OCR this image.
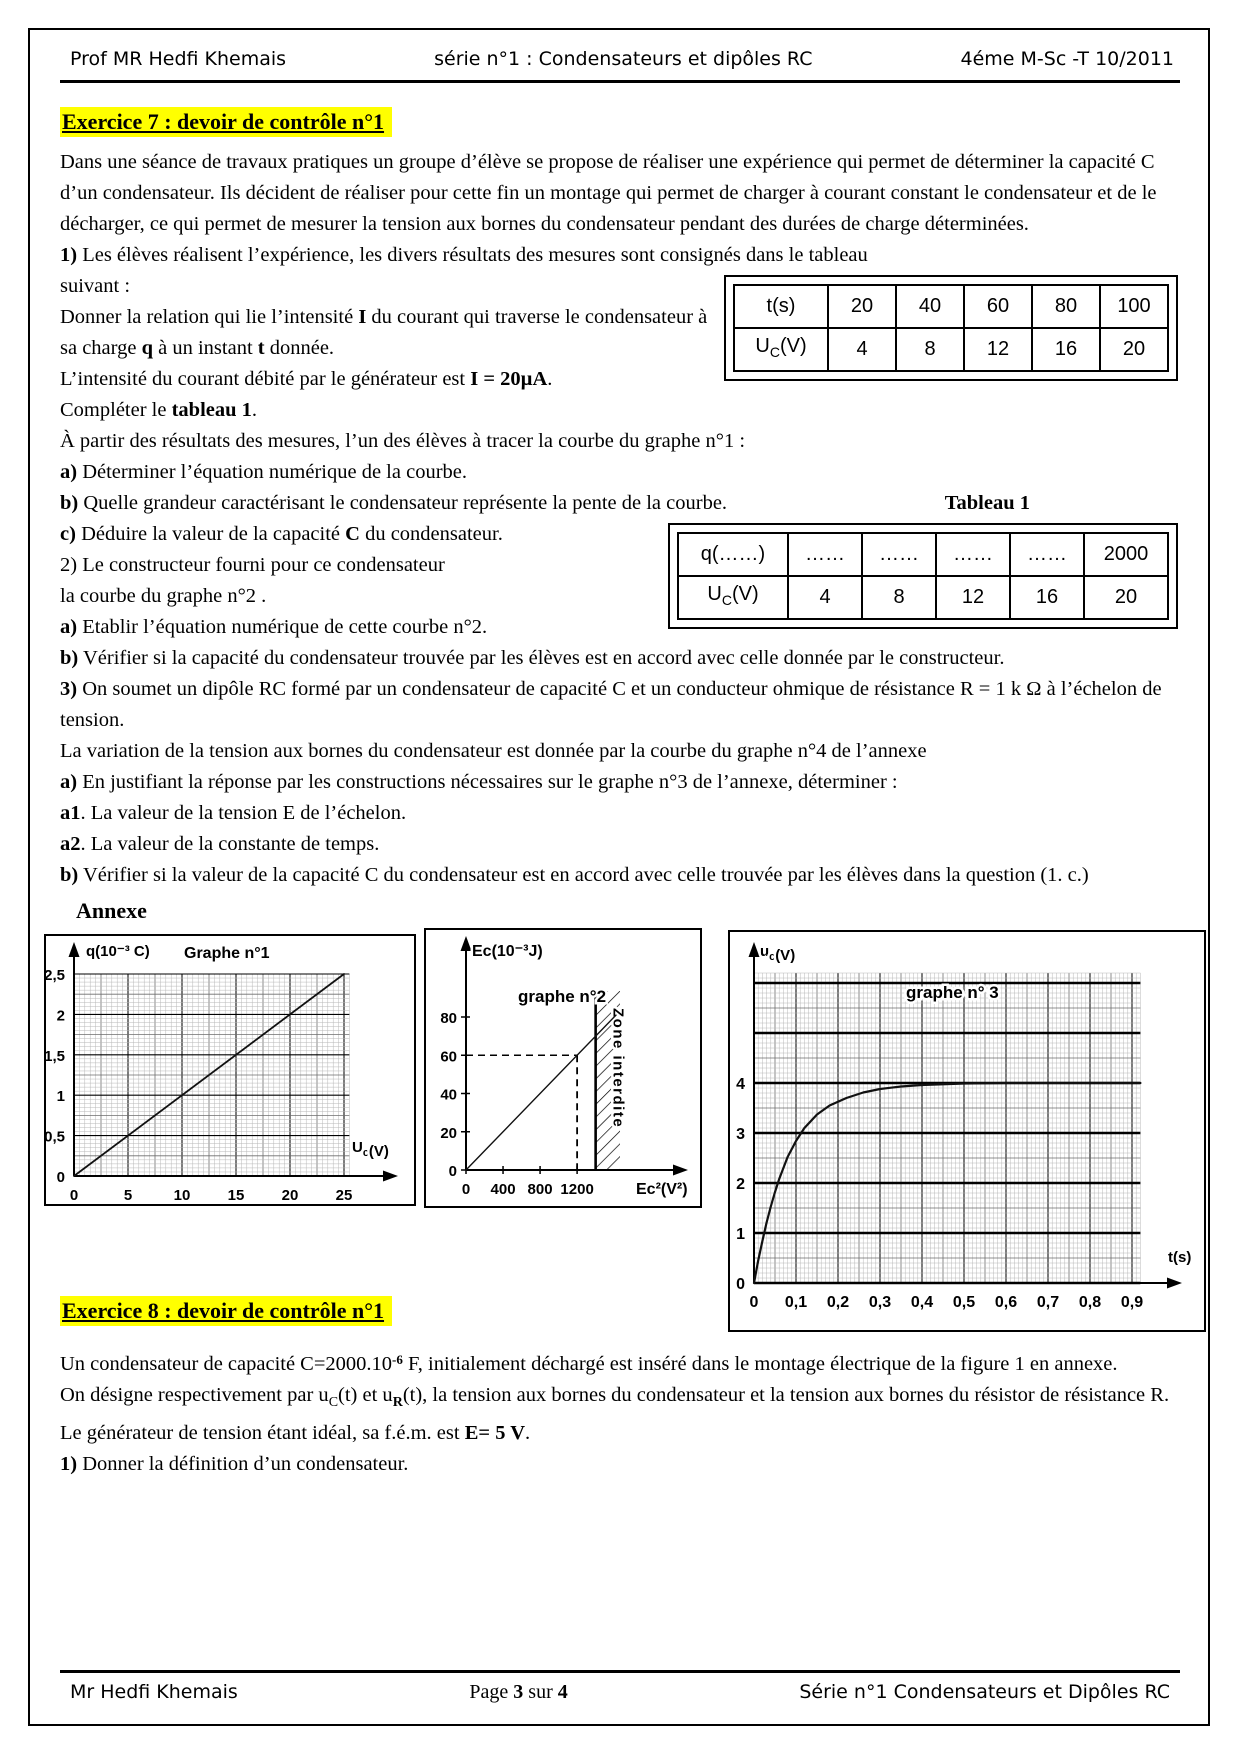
Prof MR Hedfi Khemais	série n°1 : Condensateurs et dipôles RC	4éme M-Sc -T 10/2011
Exercice 7 : devoir de contrôle n°1

Dans une séance de travaux pratiques un groupe d’élève se propose de réaliser une expérience qui permet de déterminer la capacité C d’un condensateur. Ils décident de réaliser pour cette fin un montage qui permet de charger à courant constant le condensateur et de le décharger, ce qui permet de mesurer la tension aux bornes du condensateur pendant des durées de charge déterminées.

1) Les élèves réalisent l’expérience, les divers résultats des mesures sont consignés dans le tableau

t(s)	20	40	60	80	100
$U_C(V)$	4	8	12	16	20

suivant :

Donner la relation qui lie l’intensité I du courant qui traverse le condensateur à sa charge q à un instant t donnée.

L’intensité du courant débité par le générateur est I = 20µA.

Compléter le tableau 1.

À partir des résultats des mesures, l’un des élèves à tracer la courbe du graphe n°1 :

a) Déterminer l’équation numérique de la courbe.

Tableau 1
b) Quelle grandeur caractérisant le condensateur représente la pente de la courbe.

q(……)	……	……	……	……	2000
$U_C(V)$	4	8	12	16	20

c) Déduire la valeur de la capacité C du condensateur.

2) Le constructeur fourni pour ce condensateur

la courbe du graphe n°2 .

a) Etablir l’équation numérique de cette courbe n°2.

b) Vérifier si la capacité du condensateur trouvée par les élèves est en accord avec celle donnée par le constructeur.

3) On soumet un dipôle RC formé par un condensateur de capacité C et un conducteur ohmique de résistance R = 1 k Ω à l’échelon de tension.

La variation de la tension aux bornes du condensateur est donnée par la courbe du graphe n°4 de l’annexe

a) En justifiant la réponse par les constructions nécessaires sur le graphe n°3 de l’annexe, déterminer :

a1. La valeur de la tension E de l’échelon.

a2. La valeur de la constante de temps.

b) Vérifier si la valeur de la capacité C du condensateur est en accord avec celle trouvée par les élèves dans la question (1. c.)

Annexe
0	5	10 15 20 25
0
0,5
1
1,5
2
2,5
q(10⁻³ C)
$U_c(V)$
Graphe n°1
0 400 800 1200
0
20
40
60
80	Zone interdite
Ec(10⁻³J)
Ec²(V²)
graphe n°2
0 0,1 0,2 0,3 0,4 0,5 0,6 0,7 0,8 0,9
0
1
2
3
4
$u_c(V)$
t(s)
graphe n° 3
Exercice 8 : devoir de contrôle n°1

Un condensateur de capacité $C=2000.10^{-6}$ F, initialement déchargé est inséré dans le montage électrique de la figure 1 en annexe.

On désigne respectivement par $u_C(t)$ et $u_R(t)$, la tension aux bornes du condensateur et la tension aux bornes du résistor de résistance R.

Le générateur de tension étant idéal, sa f.é.m. est E= 5 V.

1) Donner la définition d’un condensateur.

Mr Hedfi Khemais	Page 3 sur 4	Série n°1 Condensateurs et Dipôles RC
